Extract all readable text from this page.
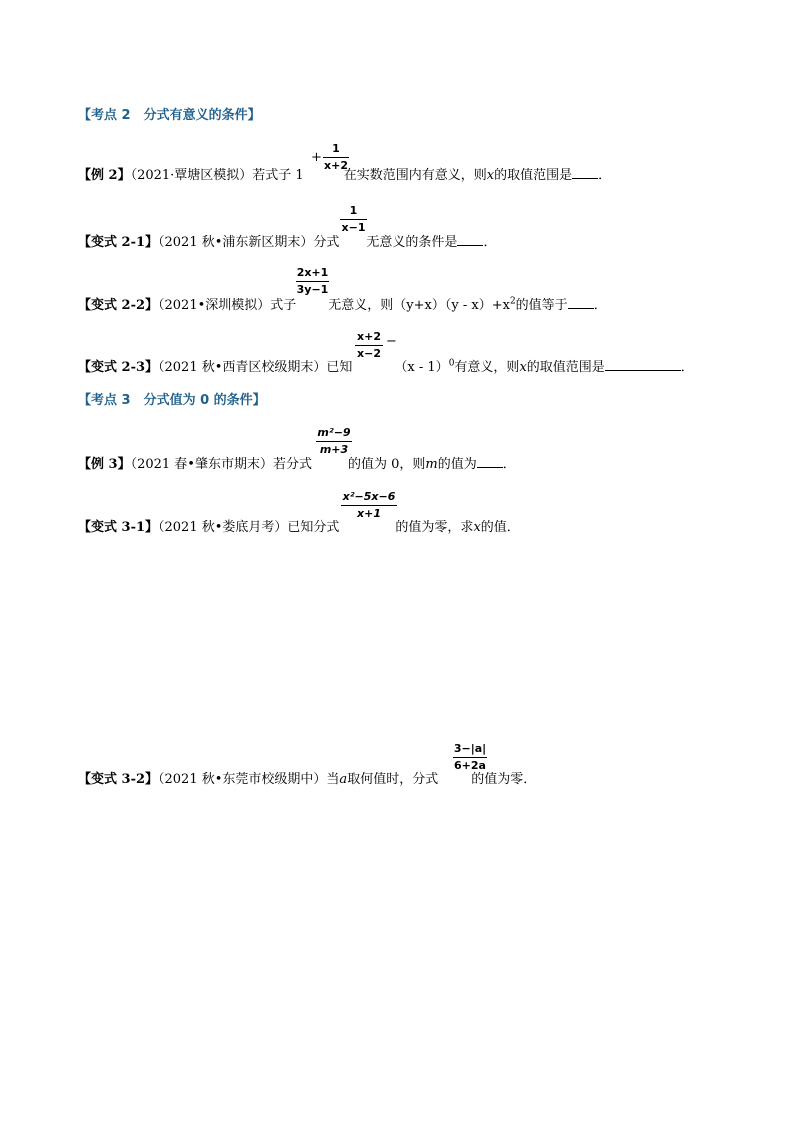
【考点 2　分式有意义的条件】
【例 2】（2021·覃塘区模拟）若式子 1	在实数范围内有意义，则x的取值范围是 ．
+
1
x+2
【变式 2-1】（2021 秋•浦东新区期末）分式 无意义的条件是 ．
1
x−1
【变式 2-2】（2021•深圳模拟）式子 无意义，则$(y+x)(y - x)+x^2$的值等于 ．
2x+1
3y−1
【变式 2-3】（2021 秋•西青区校级期末）已知	（x - 1）$^0$有意义，则x的取值范围是	．
x+2
x−2
−
【考点 3　分式值为 0 的条件】
【例 3】（2021 春•肇东市期末）若分式	的值为 0，则m的值为 ．
m²−9
m+3
【变式 3-1】（2021 秋•娄底月考）已知分式	的值为零，求x的值．
x²−5x−6
x+1
【变式 3-2】（2021 秋•东莞市校级期中）当a取何值时，分式	的值为零．
3−|a|
6+2a
